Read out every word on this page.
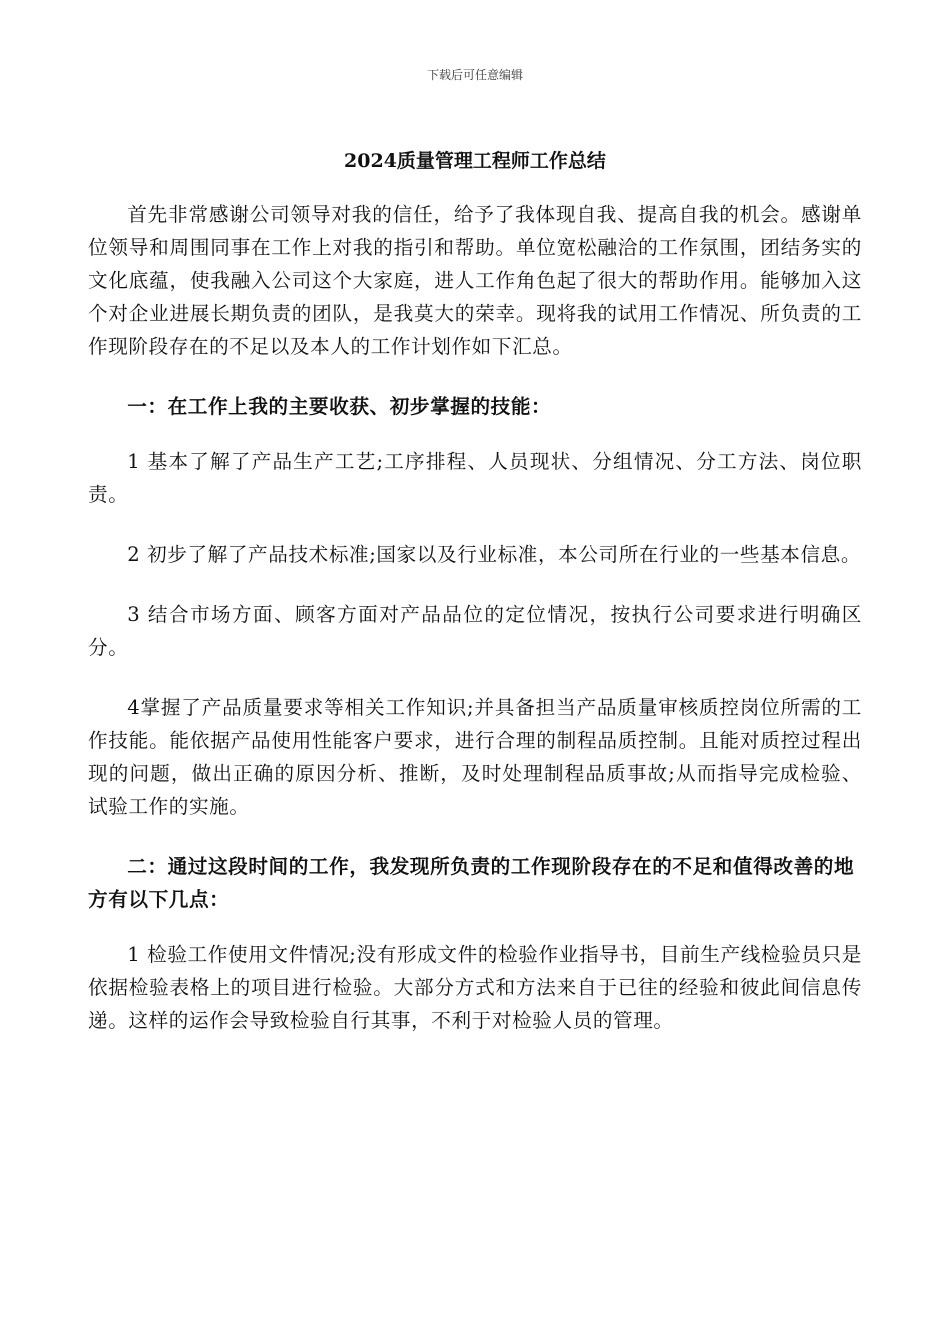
下载后可任意编辑
2024质量管理工程师工作总结

首先非常感谢公司领导对我的信任，给予了我体现自我、提高自我的机会。感谢单位领导和周围同事在工作上对我的指引和帮助。单位宽松融洽的工作氛围，团结务实的文化底蕴，使我融入公司这个大家庭，进人工作角色起了很大的帮助作用。能够加入这个对企业进展长期负责的团队，是我莫大的荣幸。现将我的试用工作情况、所负责的工作现阶段存在的不足以及本人的工作计划作如下汇总。

一：在工作上我的主要收获、初步掌握的技能：

1 基本了解了产品生产工艺;工序排程、人员现状、分组情况、分工方法、岗位职责。

2 初步了解了产品技术标准;国家以及行业标准，本公司所在行业的一些基本信息。

3 结合市场方面、顾客方面对产品品位的定位情况，按执行公司要求进行明确区分。

4掌握了产品质量要求等相关工作知识;并具备担当产品质量审核质控岗位所需的工作技能。能依据产品使用性能客户要求，进行合理的制程品质控制。且能对质控过程出现的问题，做出正确的原因分析、推断，及时处理制程品质事故;从而指导完成检验、试验工作的实施。

二：通过这段时间的工作，我发现所负责的工作现阶段存在的不足和值得改善的地方有以下几点：

1 检验工作使用文件情况;没有形成文件的检验作业指导书，目前生产线检验员只是依据检验表格上的项目进行检验。大部分方式和方法来自于已往的经验和彼此间信息传递。这样的运作会导致检验自行其事，不利于对检验人员的管理。
